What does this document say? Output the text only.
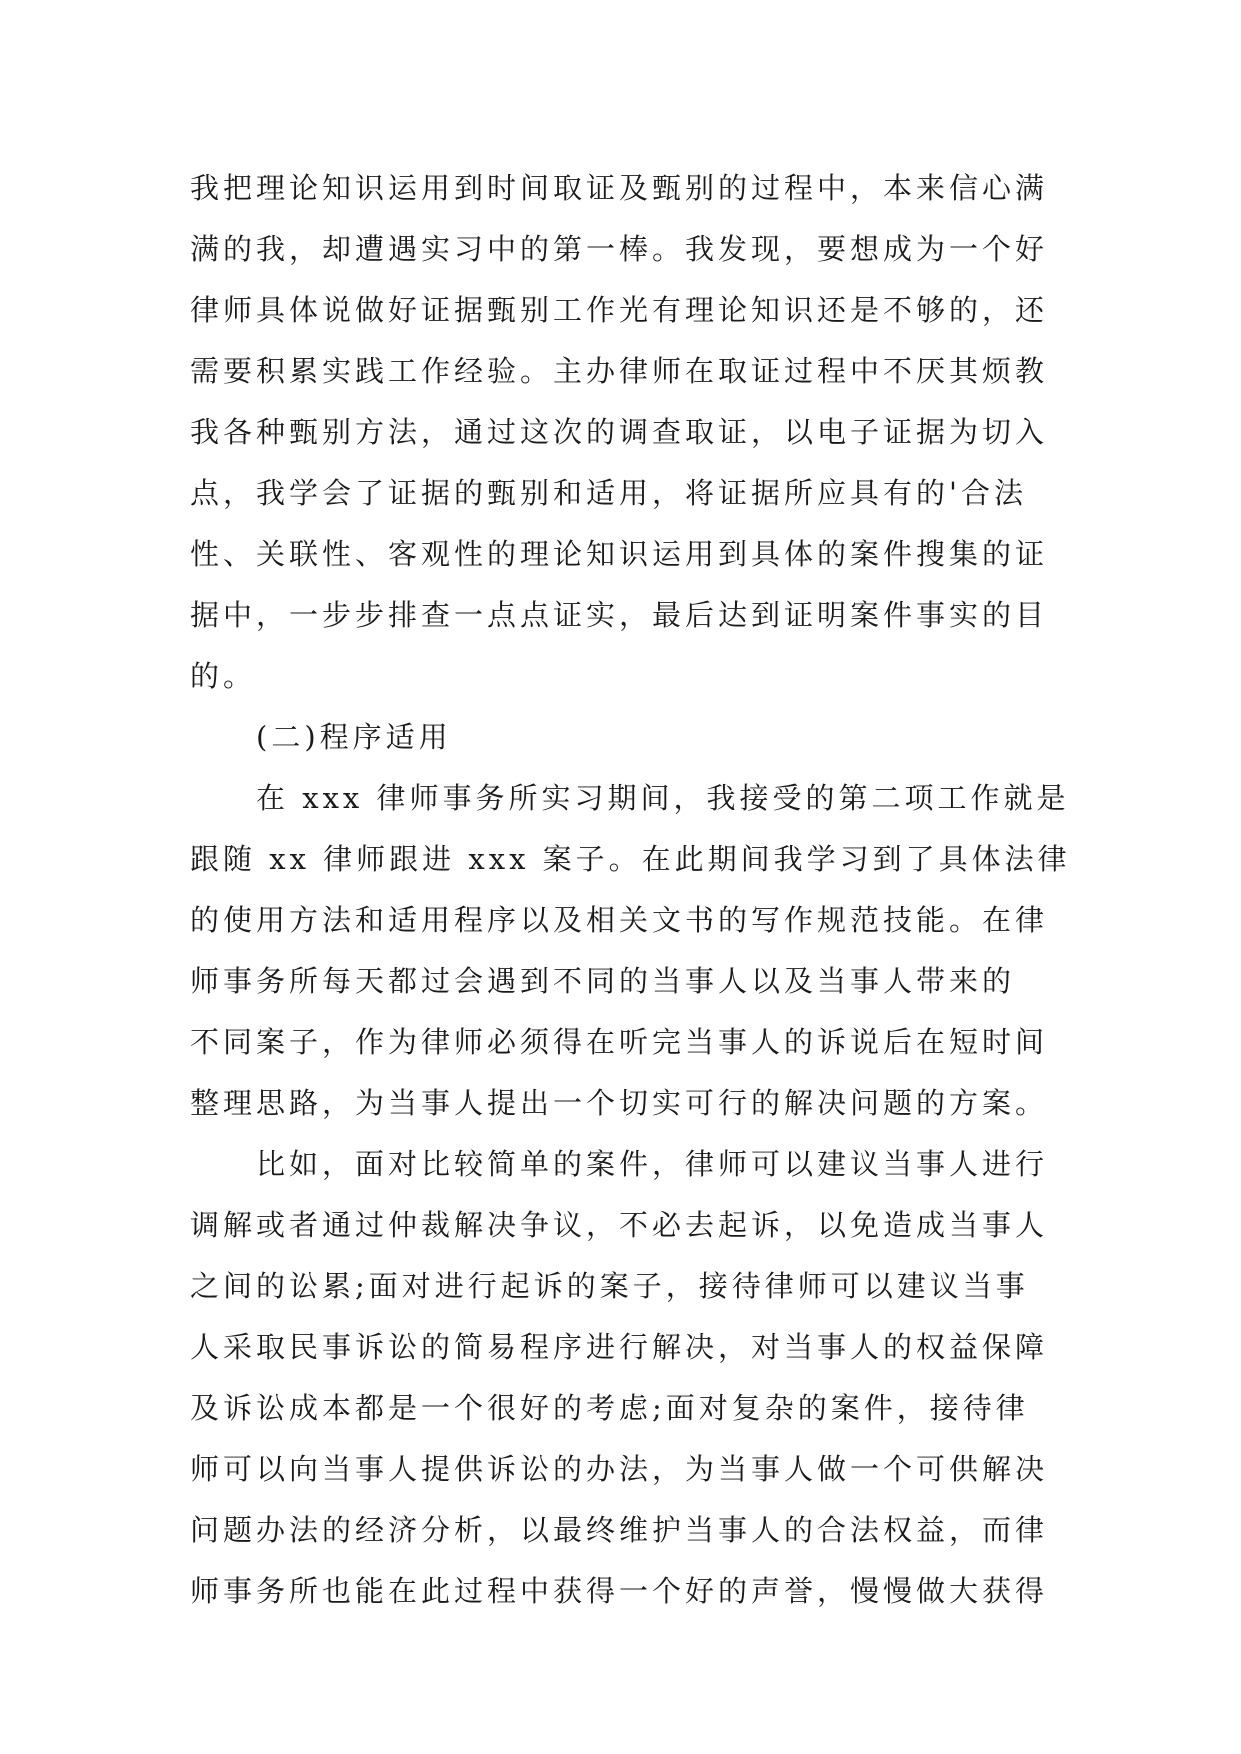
我把理论知识运用到时间取证及甄别的过程中，本来信心满
满的我，却遭遇实习中的第一棒。我发现，要想成为一个好
律师具体说做好证据甄别工作光有理论知识还是不够的，还
需要积累实践工作经验。主办律师在取证过程中不厌其烦教
我各种甄别方法，通过这次的调查取证，以电子证据为切入
点，我学会了证据的甄别和适用，将证据所应具有的'合法
性、关联性、客观性的理论知识运用到具体的案件搜集的证
据中，一步步排查一点点证实，最后达到证明案件事实的目
的。
(二)程序适用
在 xxx 律师事务所实习期间，我接受的第二项工作就是
跟随 xx 律师跟进 xxx 案子。在此期间我学习到了具体法律
的使用方法和适用程序以及相关文书的写作规范技能。在律
师事务所每天都过会遇到不同的当事人以及当事人带来的
不同案子，作为律师必须得在听完当事人的诉说后在短时间
整理思路，为当事人提出一个切实可行的解决问题的方案。
比如，面对比较简单的案件，律师可以建议当事人进行
调解或者通过仲裁解决争议，不必去起诉，以免造成当事人
之间的讼累;面对进行起诉的案子，接待律师可以建议当事
人采取民事诉讼的简易程序进行解决，对当事人的权益保障
及诉讼成本都是一个很好的考虑;面对复杂的案件，接待律
师可以向当事人提供诉讼的办法，为当事人做一个可供解决
问题办法的经济分析，以最终维护当事人的合法权益，而律
师事务所也能在此过程中获得一个好的声誉，慢慢做大获得
